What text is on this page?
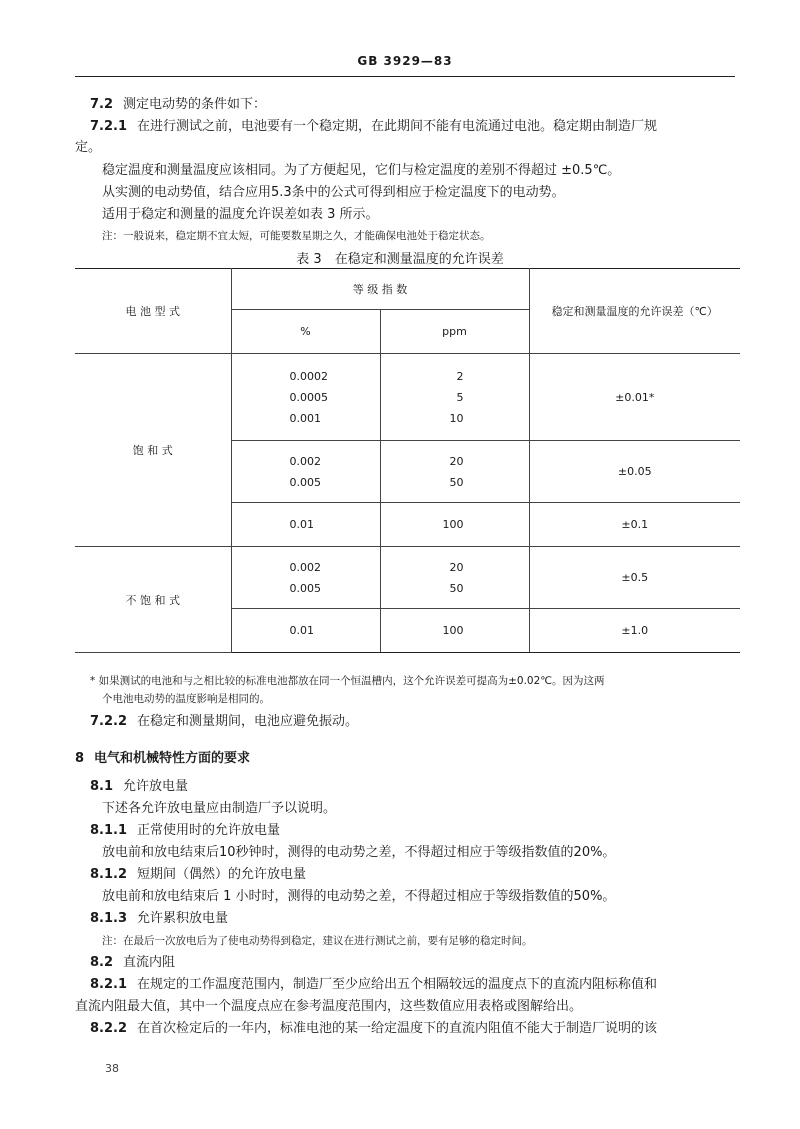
GB 3929—83
7.2 测定电动势的条件如下：
7.2.1 在进行测试之前，电池要有一个稳定期，在此期间不能有电流通过电池。稳定期由制造厂规
定。
稳定温度和测量温度应该相同。为了方便起见，它们与检定温度的差别不得超过 ±0.5℃。
从实测的电动势值，结合应用5.3条中的公式可得到相应于检定温度下的电动势。
适用于稳定和测量的温度允许误差如表 3 所示。
注：一般说来，稳定期不宜太短，可能要数星期之久，才能确保电池处于稳定状态。
表 3　在稳定和测量温度的允许误差
电 池 型 式	等 级 指 数		稳定和测量温度的允许误差（℃）
	%	ppm	
饱 和 式	0.0002
0.0005
0.001	2
5
10	±0.01*

	0.002
0.005	20
50	±0.05

	0.01	100	±0.1
不 饱 和 式	0.002
0.005	20
50	±0.5

	0.01	100	±1.0
* 如果测试的电池和与之相比较的标准电池都放在同一个恒温槽内，这个允许误差可提高为±0.02℃。因为这两
个电池电动势的温度影响是相同的。
7.2.2 在稳定和测量期间，电池应避免振动。
8 电气和机械特性方面的要求
8.1 允许放电量
下述各允许放电量应由制造厂予以说明。
8.1.1 正常使用时的允许放电量
放电前和放电结束后10秒钟时，测得的电动势之差，不得超过相应于等级指数值的20%。
8.1.2 短期间（偶然）的允许放电量
放电前和放电结束后 1 小时时，测得的电动势之差，不得超过相应于等级指数值的50%。
8.1.3 允许累积放电量
注：在最后一次放电后为了使电动势得到稳定，建议在进行测试之前，要有足够的稳定时间。
8.2 直流内阻
8.2.1 在规定的工作温度范围内，制造厂至少应给出五个相隔较远的温度点下的直流内阻标称值和
直流内阻最大值，其中一个温度点应在参考温度范围内，这些数值应用表格或图解给出。
8.2.2 在首次检定后的一年内，标准电池的某一给定温度下的直流内阻值不能大于制造厂说明的该
38
